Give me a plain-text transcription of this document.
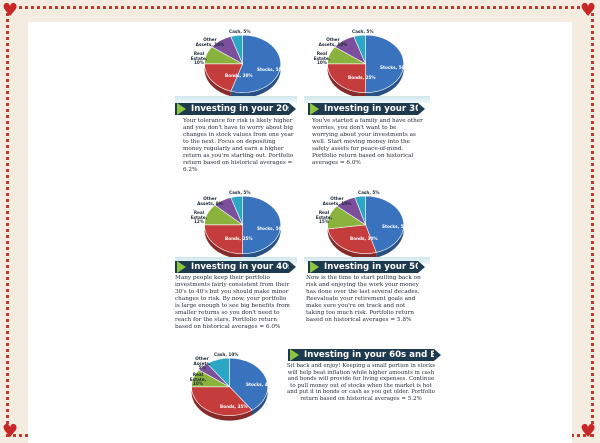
♥	♥
♥	♥
Cash, 5%
Other Assets, 10%
Real Estate, 10%
Bonds, 20%
Stocks, 55%
Investing in your 20s
Your tolerance for risk is likely higher and you don't have to worry about big changes in stock values from one year to the next. Focus on depositing money regularly and earn a higher return as you're starting out. Portfolio return based on historical averages = 6.2%
Cash, 5%
Other Assets, 10%
Real Estate, 10%
Bonds, 25%
Stocks, 50%
Investing in your 30s
You've started a family and have other worries, you don't want to be worrying about your investments as well. Start moving money into the safety assets for peace-of-mind. Portfolio return based on historical averages = 6.0%
Cash, 5%
Other Assets, 8%
Real Estate, 12%
Bonds, 25%
Stocks, 50%
Investing in your 40s
Many people keep their portfolio investments fairly consistent from their 30's to 40's but you should make minor changes to risk. By now, your portfolio is large enough to see big benefits from smaller returns so you don't need to reach for the stars. Portfolio return based on historical averages = 6.0%
Cash, 5%
Other Assets, 10%
Real Estate, 15%
Bonds, 30%
Stocks, 50%
Investing in your 50s
Now is the time to start pulling back on risk and enjoying the work your money has done over the last several decades. Reevaluate your retirement goals and make sure you're on track and not taking too much risk. Portfolio return based on historical averages = 5.8%
Cash, 10%
Other Assets, 5%
Real Estate, 10%
Bonds, 35%
Stocks, 40%
Investing in your 60s and Beyond
Sit back and enjoy! Keeping a small portion in stocks will help beat inflation while higher amounts in cash and bonds will provide for living expenses. Continue to pull money out of stocks when the market is hot and put it in bonds or cash as you get older. Portfolio return based on historical averages = 5.2%
